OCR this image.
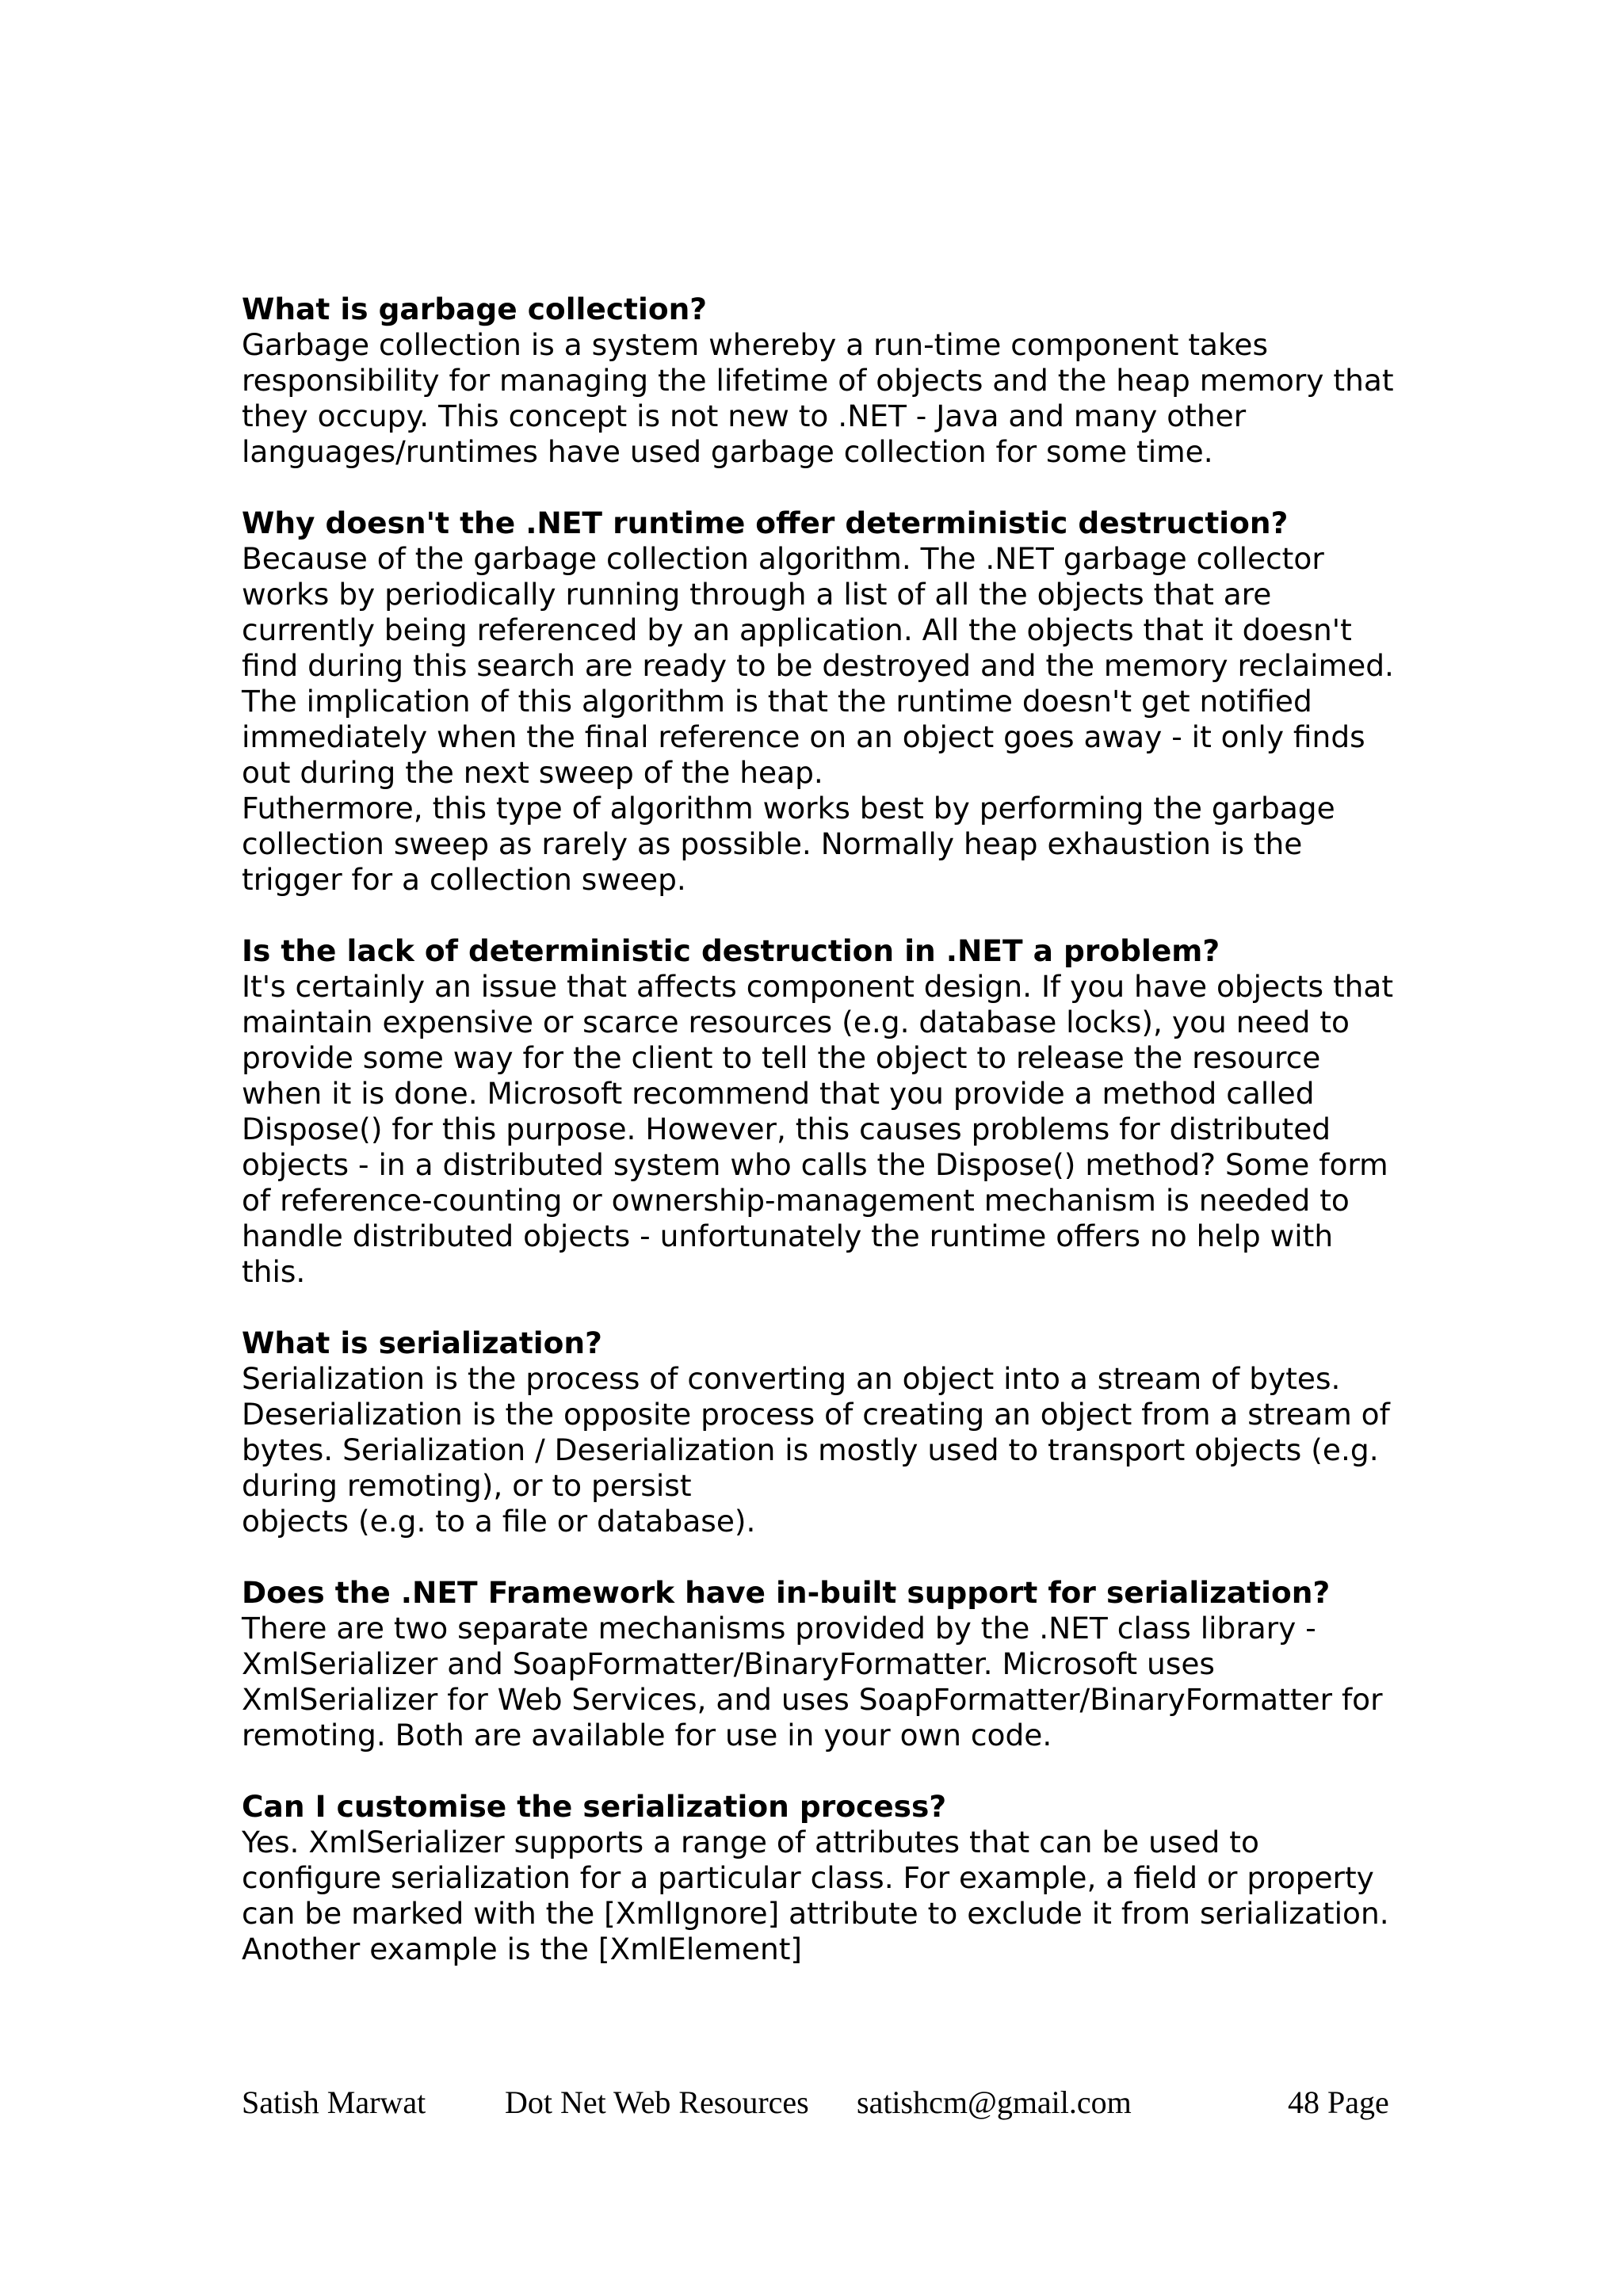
What is garbage collection?
Garbage collection is a system whereby a run-time component takes
responsibility for managing the lifetime of objects and the heap memory that
they occupy. This concept is not new to .NET - Java and many other
languages/runtimes have used garbage collection for some time.
Why doesn't the .NET runtime offer deterministic destruction?
Because of the garbage collection algorithm. The .NET garbage collector
works by periodically running through a list of all the objects that are
currently being referenced by an application. All the objects that it doesn't
find during this search are ready to be destroyed and the memory reclaimed.
The implication of this algorithm is that the runtime doesn't get notified
immediately when the final reference on an object goes away - it only finds
out during the next sweep of the heap.
Futhermore, this type of algorithm works best by performing the garbage
collection sweep as rarely as possible. Normally heap exhaustion is the
trigger for a collection sweep.
Is the lack of deterministic destruction in .NET a problem?
It's certainly an issue that affects component design. If you have objects that
maintain expensive or scarce resources (e.g. database locks), you need to
provide some way for the client to tell the object to release the resource
when it is done. Microsoft recommend that you provide a method called
Dispose() for this purpose. However, this causes problems for distributed
objects - in a distributed system who calls the Dispose() method? Some form
of reference-counting or ownership-management mechanism is needed to
handle distributed objects - unfortunately the runtime offers no help with
this.
What is serialization?
Serialization is the process of converting an object into a stream of bytes.
Deserialization is the opposite process of creating an object from a stream of
bytes. Serialization / Deserialization is mostly used to transport objects (e.g.
during remoting), or to persist
objects (e.g. to a file or database).
Does the .NET Framework have in-built support for serialization?
There are two separate mechanisms provided by the .NET class library -
XmlSerializer and SoapFormatter/BinaryFormatter. Microsoft uses
XmlSerializer for Web Services, and uses SoapFormatter/BinaryFormatter for
remoting. Both are available for use in your own code.
Can I customise the serialization process?
Yes. XmlSerializer supports a range of attributes that can be used to
configure serialization for a particular class. For example, a field or property
can be marked with the [XmlIgnore] attribute to exclude it from serialization.
Another example is the [XmlElement]
Satish Marwat Dot Net Web Resources satishcm@gmail.com	48 Page
